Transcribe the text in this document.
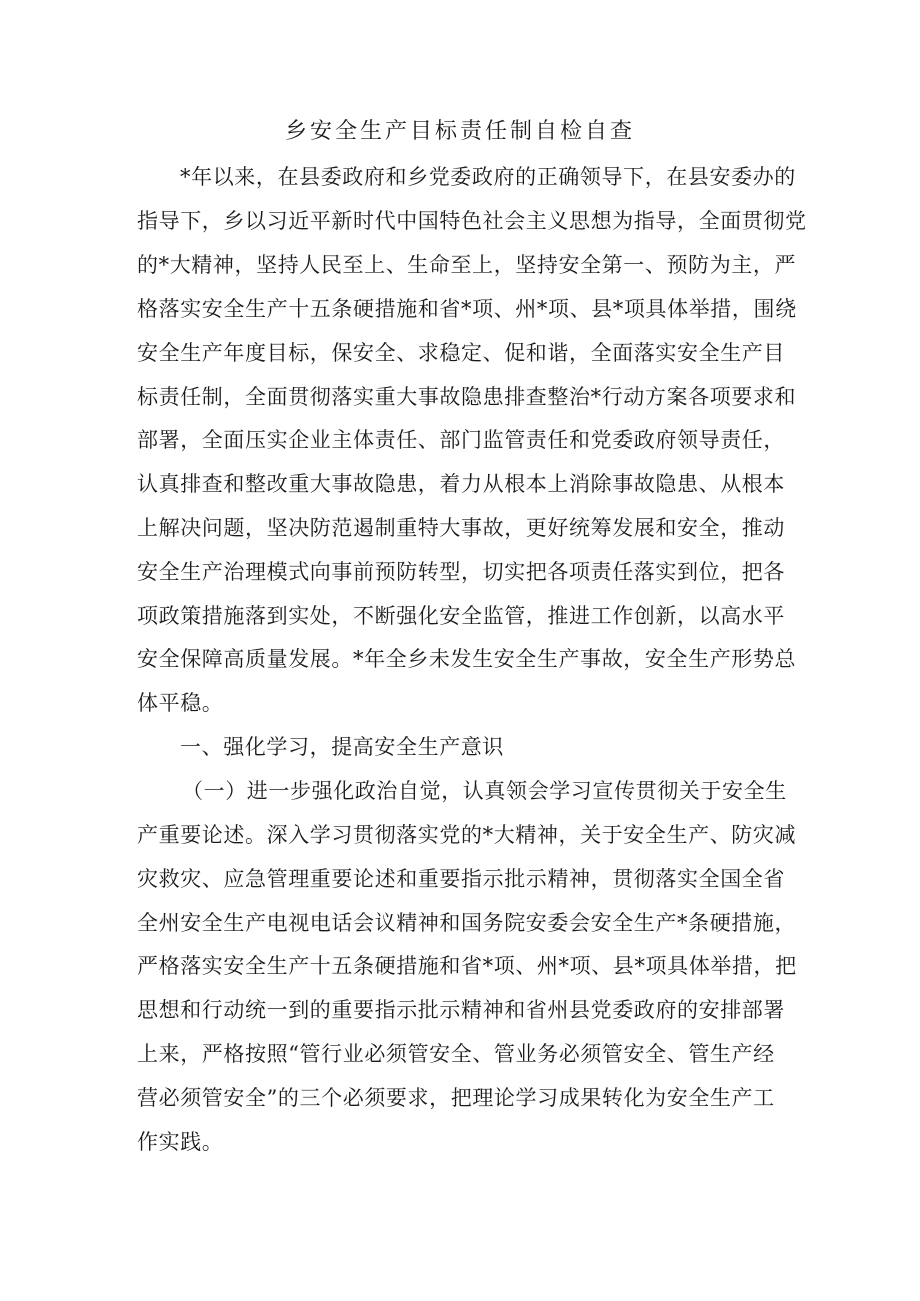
乡安全生产目标责任制自检自查
*年以来，在县委政府和乡党委政府的正确领导下，在县安委办的
指导下，乡以习近平新时代中国特色社会主义思想为指导，全面贯彻党
的*大精神，坚持人民至上、生命至上，坚持安全第一、预防为主，严
格落实安全生产十五条硬措施和省*项、州*项、县*项具体举措，围绕
安全生产年度目标，保安全、求稳定、促和谐，全面落实安全生产目
标责任制，全面贯彻落实重大事故隐患排查整治*行动方案各项要求和
部署，全面压实企业主体责任、部门监管责任和党委政府领导责任，
认真排查和整改重大事故隐患，着力从根本上消除事故隐患、从根本
上解决问题，坚决防范遏制重特大事故，更好统筹发展和安全，推动
安全生产治理模式向事前预防转型，切实把各项责任落实到位，把各
项政策措施落到实处，不断强化安全监管，推进工作创新，以高水平
安全保障高质量发展。*年全乡未发生安全生产事故，安全生产形势总
体平稳。
一、强化学习，提高安全生产意识
（一）进一步强化政治自觉，认真领会学习宣传贯彻关于安全生
产重要论述。深入学习贯彻落实党的*大精神，关于安全生产、防灾减
灾救灾、应急管理重要论述和重要指示批示精神，贯彻落实全国全省
全州安全生产电视电话会议精神和国务院安委会安全生产*条硬措施，
严格落实安全生产十五条硬措施和省*项、州*项、县*项具体举措，把
思想和行动统一到的重要指示批示精神和省州县党委政府的安排部署
上来，严格按照“管行业必须管安全、管业务必须管安全、管生产经
营必须管安全”的三个必须要求，把理论学习成果转化为安全生产工
作实践。
